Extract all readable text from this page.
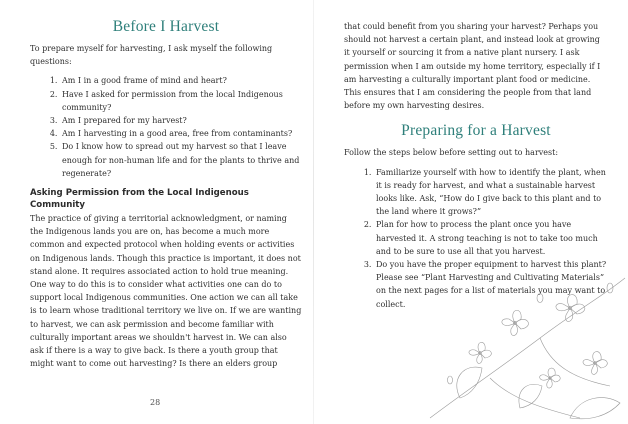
Before I Harvest

To prepare myself for harvesting, I ask myself the following questions:

1. Am I in a good frame of mind and heart?
2. Have I asked for permission from the local Indigenous community?
3. Am I prepared for my harvest?
4. Am I harvesting in a good area, free from contaminants?
5. Do I know how to spread out my harvest so that I leave enough for non-human life and for the plants to thrive and regenerate?
Asking Permission from the Local Indigenous Community

The practice of giving a territorial acknowledgment, or naming the Indigenous lands you are on, has become a much more common and expected protocol when holding events or activities on Indigenous lands. Though this practice is important, it does not stand alone. It requires associated action to hold true meaning. One way to do this is to consider what activities one can do to support local Indigenous communities. One action we can all take is to learn whose traditional territory we live on. If we are wanting to harvest, we can ask permission and become familiar with culturally important areas we shouldn't harvest in. We can also ask if there is a way to give back. Is there a youth group that might want to come out harvesting? Is there an elders group

28

that could benefit from you sharing your harvest? Perhaps you should not harvest a certain plant, and instead look at growing it yourself or sourcing it from a native plant nursery. I ask permission when I am outside my home territory, especially if I am harvesting a culturally important plant food or medicine. This ensures that I am considering the people from that land before my own harvesting desires.

Preparing for a Harvest

Follow the steps below before setting out to harvest:

1. Familiarize yourself with how to identify the plant, when it is ready for harvest, and what a sustainable harvest looks like. Ask, “How do I give back to this plant and to the land where it grows?”
2. Plan for how to process the plant once you have harvested it. A strong teaching is not to take too much and to be sure to use all that you harvest.
3. Do you have the proper equipment to harvest this plant? Please see “Plant Harvesting and Cultivating Materials” on the next pages for a list of materials you may want to collect.
